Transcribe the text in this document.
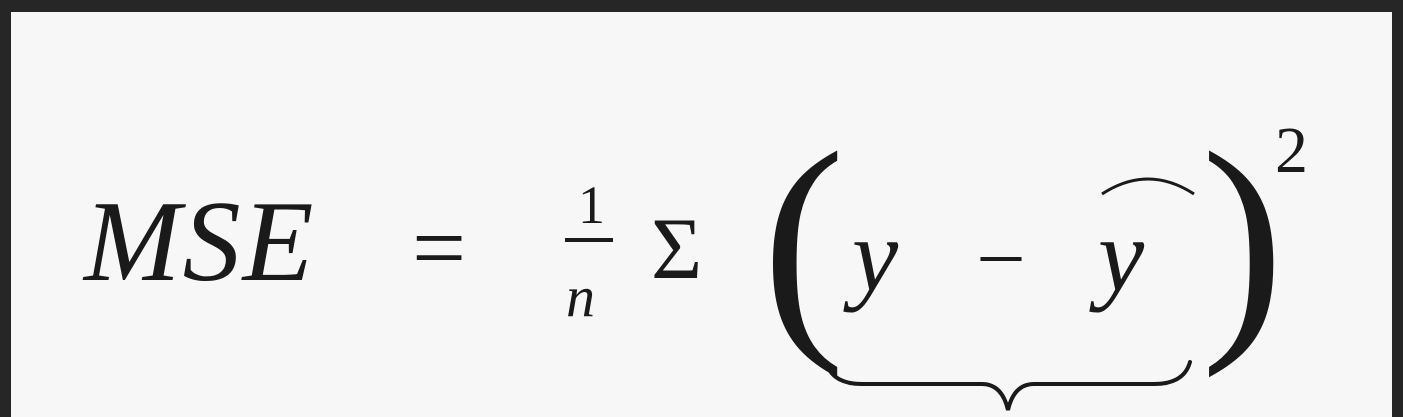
MSE = 1
n Σ ( y – y )
2
